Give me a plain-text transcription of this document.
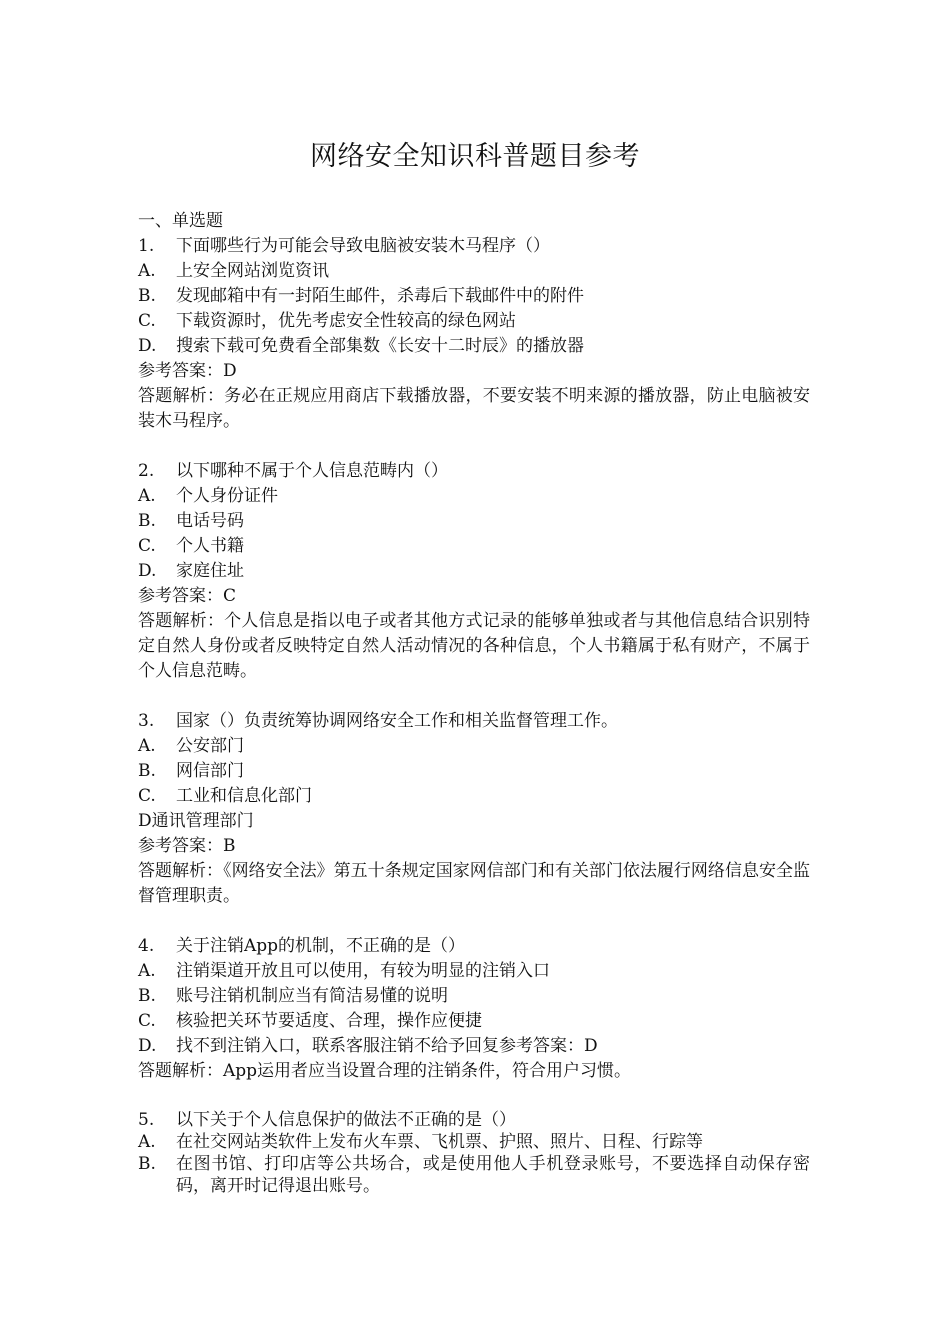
网络安全知识科普题目参考

一、单选题

1.	下面哪些行为可能会导致电脑被安装木马程序（）

A.	上安全网站浏览资讯

B.	发现邮箱中有一封陌生邮件，杀毒后下载邮件中的附件

C.	下载资源时，优先考虑安全性较高的绿色网站

D.	搜索下载可免费看全部集数《长安十二时辰》的播放器

参考答案：D

答题解析：务必在正规应用商店下载播放器，不要安装不明来源的播放器，防止电脑被安装木马程序。

2.	以下哪种不属于个人信息范畴内（）

A.	个人身份证件

B.	电话号码

C.	个人书籍

D.	家庭住址

参考答案：C

答题解析：个人信息是指以电子或者其他方式记录的能够单独或者与其他信息结合识别特定自然人身份或者反映特定自然人活动情况的各种信息，个人书籍属于私有财产，不属于个人信息范畴。

3.	国家（）负责统筹协调网络安全工作和相关监督管理工作。

A.	公安部门

B.	网信部门

C.	工业和信息化部门

D通讯管理部门

参考答案：B

答题解析：《网络安全法》第五十条规定国家网信部门和有关部门依法履行网络信息安全监督管理职责。

4.	关于注销App的机制，不正确的是（）

A.	注销渠道开放且可以使用，有较为明显的注销入口

B.	账号注销机制应当有简洁易懂的说明

C.	核验把关环节要适度、合理，操作应便捷

D.	找不到注销入口，联系客服注销不给予回复参考答案：D

答题解析：App运用者应当设置合理的注销条件，符合用户习惯。

5.	以下关于个人信息保护的做法不正确的是（）

A.	在社交网站类软件上发布火车票、飞机票、护照、照片、日程、行踪等

B.	在图书馆、打印店等公共场合，或是使用他人手机登录账号，不要选择自动保存密码，离开时记得退出账号。
